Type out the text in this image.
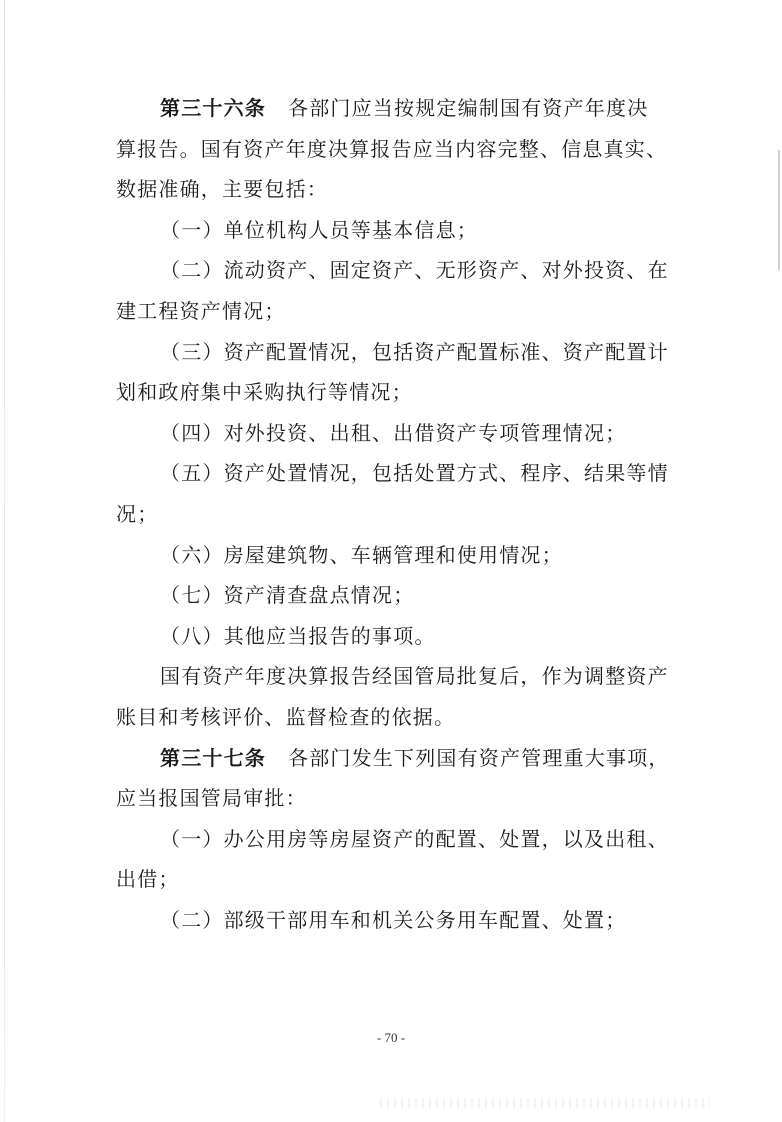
第三十六条 各部门应当按规定编制国有资产年度决
算报告。国有资产年度决算报告应当内容完整、信息真实、
数据准确，主要包括：
（一）单位机构人员等基本信息；
（二）流动资产、固定资产、无形资产、对外投资、在
建工程资产情况；
（三）资产配置情况，包括资产配置标准、资产配置计
划和政府集中采购执行等情况；
（四）对外投资、出租、出借资产专项管理情况；
（五）资产处置情况，包括处置方式、程序、结果等情
况；
（六）房屋建筑物、车辆管理和使用情况；
（七）资产清查盘点情况；
（八）其他应当报告的事项。
国有资产年度决算报告经国管局批复后，作为调整资产
账目和考核评价、监督检查的依据。
第三十七条 各部门发生下列国有资产管理重大事项，
应当报国管局审批：
（一）办公用房等房屋资产的配置、处置，以及出租、
出借；
（二）部级干部用车和机关公务用车配置、处置；
- 70 -
